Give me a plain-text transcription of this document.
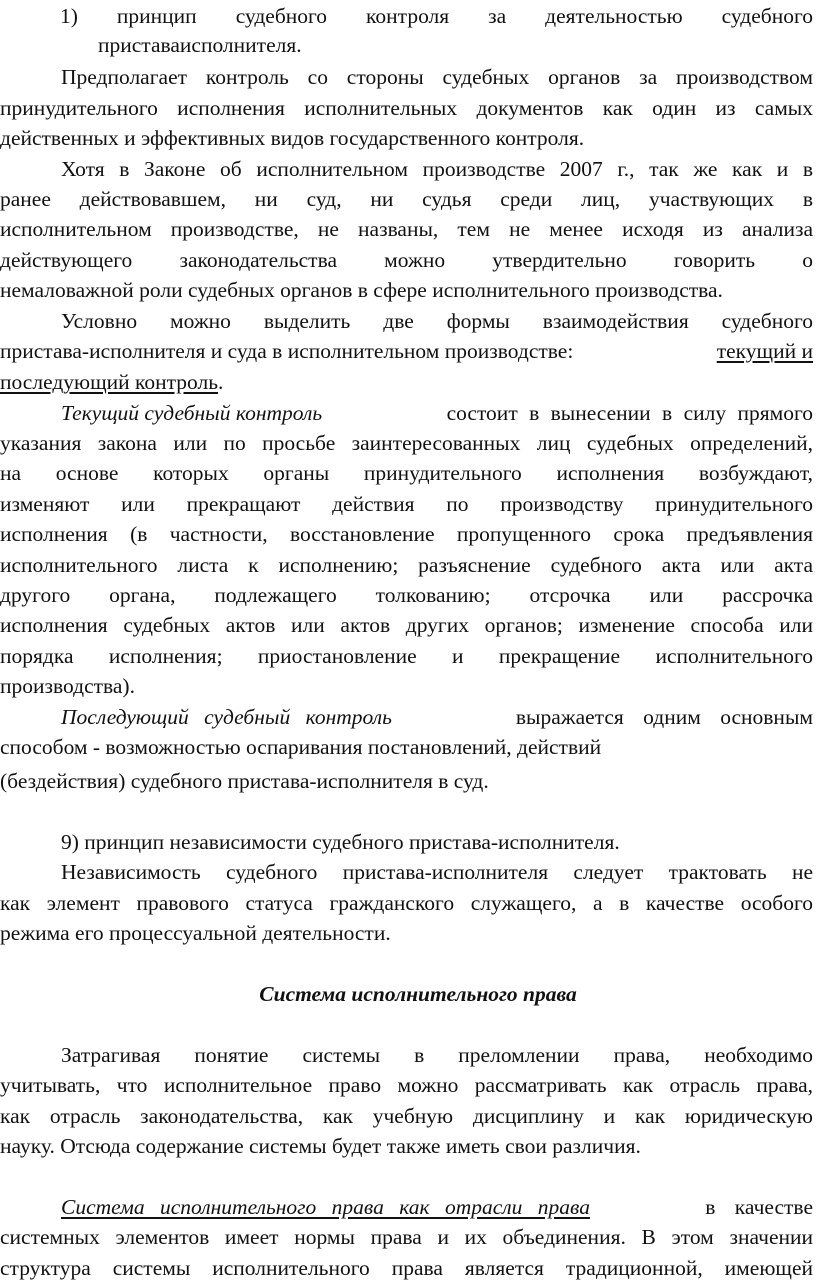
1) принцип судебного контроля за деятельностью судебного
приставаисполнителя.
Предполагает контроль со стороны судебных органов за производством
принудительного исполнения исполнительных документов как один из самых
действенных и эффективных видов государственного контроля.
Хотя в Законе об исполнительном производстве 2007 г., так же как и в
ранее действовавшем, ни суд, ни судья среди лиц, участвующих в
исполнительном производстве, не названы, тем не менее исходя из анализа
действующего законодательства можно утвердительно говорить о
немаловажной роли судебных органов в сфере исполнительного производства.
Условно можно выделить две формы взаимодействия судебного
пристава-исполнителя и суда в исполнительном производстве:	текущий и
последующий контроль.
Текущий судебный контроль	состоит в вынесении в силу прямого
указания закона или по просьбе заинтересованных лиц судебных определений,
на основе которых органы принудительного исполнения возбуждают,
изменяют или прекращают действия по производству принудительного
исполнения (в частности, восстановление пропущенного срока предъявления
исполнительного листа к исполнению; разъяснение судебного акта или акта
другого органа, подлежащего толкованию; отсрочка или рассрочка
исполнения судебных актов или актов других органов; изменение способа или
порядка исполнения; приостановление и прекращение исполнительного
производства).
Последующий судебный контроль	выражается одним основным
способом - возможностью оспаривания постановлений, действий
(бездействия) судебного пристава-исполнителя в суд.
9) принцип независимости судебного пристава-исполнителя.
Независимость судебного пристава-исполнителя следует трактовать не
как элемент правового статуса гражданского служащего, а в качестве особого
режима его процессуальной деятельности.
Система исполнительного права
Затрагивая понятие системы в преломлении права, необходимо
учитывать, что исполнительное право можно рассматривать как отрасль права,
как отрасль законодательства, как учебную дисциплину и как юридическую
науку. Отсюда содержание системы будет также иметь свои различия.
Система исполнительного права как отрасли права	в качестве
системных элементов имеет нормы права и их объединения. В этом значении
структура системы исполнительного права является традиционной, имеющей
